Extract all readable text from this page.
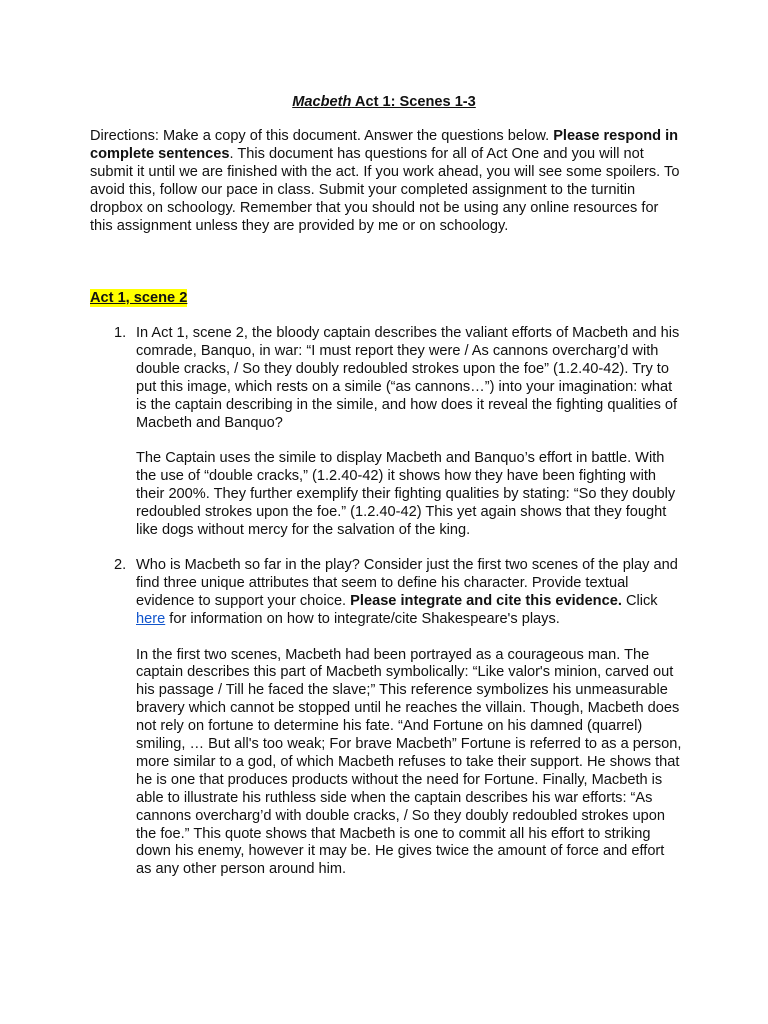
Macbeth Act 1: Scenes 1-3

Directions: Make a copy of this document. Answer the questions below. Please respond in complete sentences. This document has questions for all of Act One and you will not submit it until we are finished with the act. If you work ahead, you will see some spoilers. To avoid this, follow our pace in class. Submit your completed assignment to the turnitin dropbox on schoology. Remember that you should not be using any online resources for this assignment unless they are provided by me or on schoology.

Act 1, scene 2
1. In Act 1, scene 2, the bloody captain describes the valiant efforts of Macbeth and his comrade, Banquo, in war: “I must report they were / As cannons overcharg’d with double cracks, / So they doubly redoubled strokes upon the foe” (1.2.40-42). Try to put this image, which rests on a simile (“as cannons…”) into your imagination: what is the captain describing in the simile, and how does it reveal the fighting qualities of Macbeth and Banquo?

The Captain uses the simile to display Macbeth and Banquo’s effort in battle. With the use of “double cracks,” (1.2.40-42) it shows how they have been fighting with their 200%. They further exemplify their fighting qualities by stating: “So they doubly redoubled strokes upon the foe.” (1.2.40-42) This yet again shows that they fought like dogs without mercy for the salvation of the king.

2. Who is Macbeth so far in the play? Consider just the first two scenes of the play and find three unique attributes that seem to define his character. Provide textual evidence to support your choice. Please integrate and cite this evidence. Click here for information on how to integrate/cite Shakespeare's plays.

In the first two scenes, Macbeth had been portrayed as a courageous man. The captain describes this part of Macbeth symbolically: “Like valor's minion, carved out his passage / Till he faced the slave;” This reference symbolizes his unmeasurable bravery which cannot be stopped until he reaches the villain. Though, Macbeth does not rely on fortune to determine his fate. “And Fortune on his damned (quarrel) smiling, … But all's too weak; For brave Macbeth” Fortune is referred to as a person, more similar to a god, of which Macbeth refuses to take their support. He shows that he is one that produces products without the need for Fortune. Finally, Macbeth is able to illustrate his ruthless side when the captain describes his war efforts: “As cannons overcharg’d with double cracks, / So they doubly redoubled strokes upon the foe.” This quote shows that Macbeth is one to commit all his effort to striking down his enemy, however it may be. He gives twice the amount of force and effort as any other person around him.
